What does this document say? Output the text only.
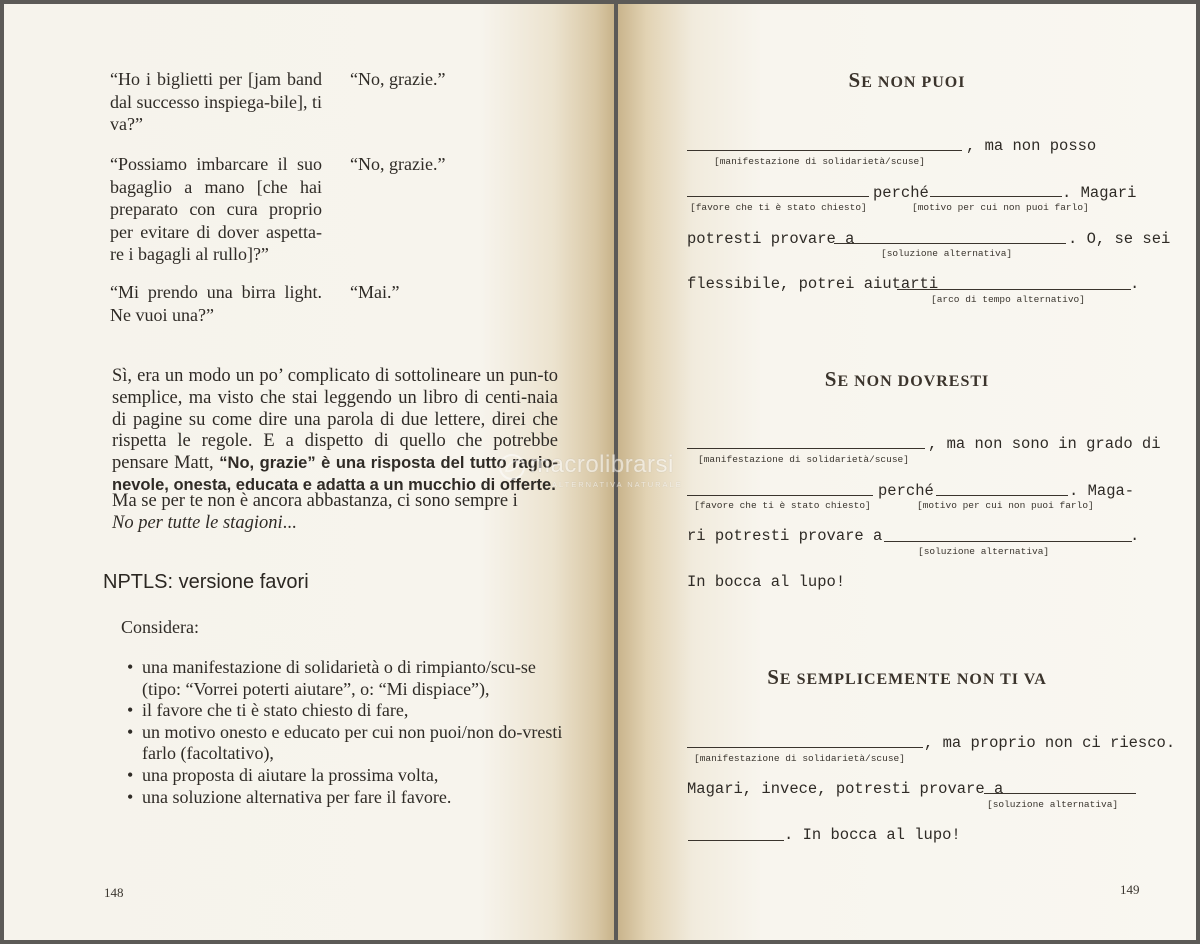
“Ho i biglietti per [jam band dal successo inspiega-bile], ti va?”
“No, grazie.”
“Possiamo imbarcare il suo bagaglio a mano [che hai preparato con cura proprio per evitare di dover aspetta-re i bagagli al rullo]?”
“No, grazie.”
“Mi prendo una birra light. Ne vuoi una?”
“Mai.”
Sì, era un modo un po’ complicato di sottolineare un pun-to semplice, ma visto che stai leggendo un libro di centi-naia di pagine su come dire una parola di due lettere, direi che rispetta le regole. E a dispetto di quello che potrebbe pensare Matt, “No, grazie” è una risposta del tutto ragio-nevole, onesta, educata e adatta a un mucchio di offerte.
Ma se per te non è ancora abbastanza, ci sono sempre i
No per tutte le stagioni...
NPTLS: versione favori
Considera:
• una manifestazione di solidarietà o di rimpianto/scu-se (tipo: “Vorrei poterti aiutare”, o: “Mi dispiace”),
• il favore che ti è stato chiesto di fare,
• un motivo onesto e educato per cui non puoi/non do-vresti farlo (facoltativo),
• una proposta di aiutare la prossima volta,
• una soluzione alternativa per fare il favore.
148
SE NON PUOI
, ma non posso
[manifestazione di solidarietà/scuse]
perché	. Magari
[favore che ti è stato chiesto]	[motivo per cui non puoi farlo]
potresti provare a	. O, se sei
[soluzione alternativa]
flessibile, potrei aiutarti	.
[arco di tempo alternativo]
SE NON DOVRESTI
, ma non sono in grado di
[manifestazione di solidarietà/scuse]
perché	. Maga-
[favore che ti è stato chiesto]	[motivo per cui non puoi farlo]
ri potresti provare a	.
[soluzione alternativa]
In bocca al lupo!
SE SEMPLICEMENTE NON TI VA
, ma proprio non ci riesco.
[manifestazione di solidarietà/scuse]
Magari, invece, potresti provare a
[soluzione alternativa]
. In bocca al lupo!
149
macrolibrarsi
ALTERNATIVA NATURALE
